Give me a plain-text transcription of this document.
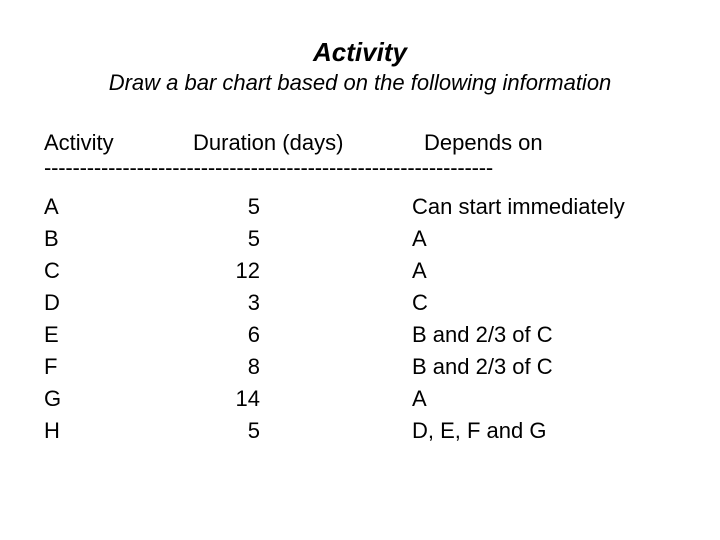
Activity
Draw a bar chart based on the following information
Activity	Duration (days)	Depends on
---------------------------------------------------------------
A	5	Can start immediately
B	5	A
C	12	A
D	3	C
E	6	B and 2/3 of C
F	8	B and 2/3 of C
G	14	A
H	5	D, E, F and G
